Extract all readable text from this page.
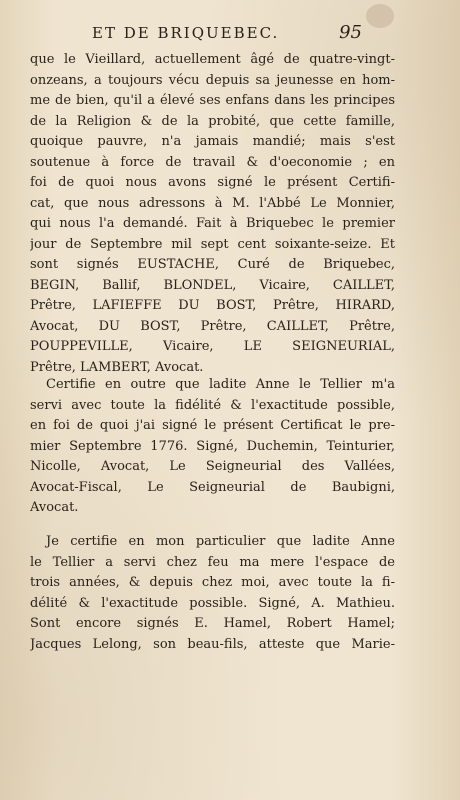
ET DE BRIQUEBEC.	95
que le Vieillard, actuellement âgé de quatre-vingt-
onzeans, a toujours vécu depuis sa jeunesse en hom-
me de bien, qu'il a élevé ses enfans dans les principes
de la Religion & de la probité, que cette famille,
quoique pauvre, n'a jamais mandié; mais s'est
soutenue à force de travail & d'oeconomie ; en
foi de quoi nous avons signé le présent Certifi-
cat, que nous adressons à M. l'Abbé Le Monnier,
qui nous l'a demandé. Fait à Briquebec le premier
jour de Septembre mil sept cent soixante-seize. Et
sont signés EUSTACHE, Curé de Briquebec,
BEGIN, Ballif, BLONDEL, Vicaire, CAILLET,
Prêtre, LAFIEFFE DU BOST, Prêtre, HIRARD,
Avocat, DU BOST, Prêtre, CAILLET, Prêtre,
POUPPEVILLE, Vicaire, LE SEIGNEURIAL,
Prêtre, LAMBERT, Avocat.
Certifie en outre que ladite Anne le Tellier m'a
servi avec toute la fidélité & l'exactitude possible,
en foi de quoi j'ai signé le présent Certificat le pre-
mier Septembre 1776. Signé, Duchemin, Teinturier,
Nicolle, Avocat, Le Seigneurial des Vallées,
Avocat-Fiscal, Le Seigneurial de Baubigni,
Avocat.
Je certifie en mon particulier que ladite Anne
le Tellier a servi chez feu ma mere l'espace de
trois années, & depuis chez moi, avec toute la fi-
délité & l'exactitude possible. Signé, A. Mathieu.
Sont encore signés E. Hamel, Robert Hamel;
Jacques Lelong, son beau-fils, atteste que Marie-
